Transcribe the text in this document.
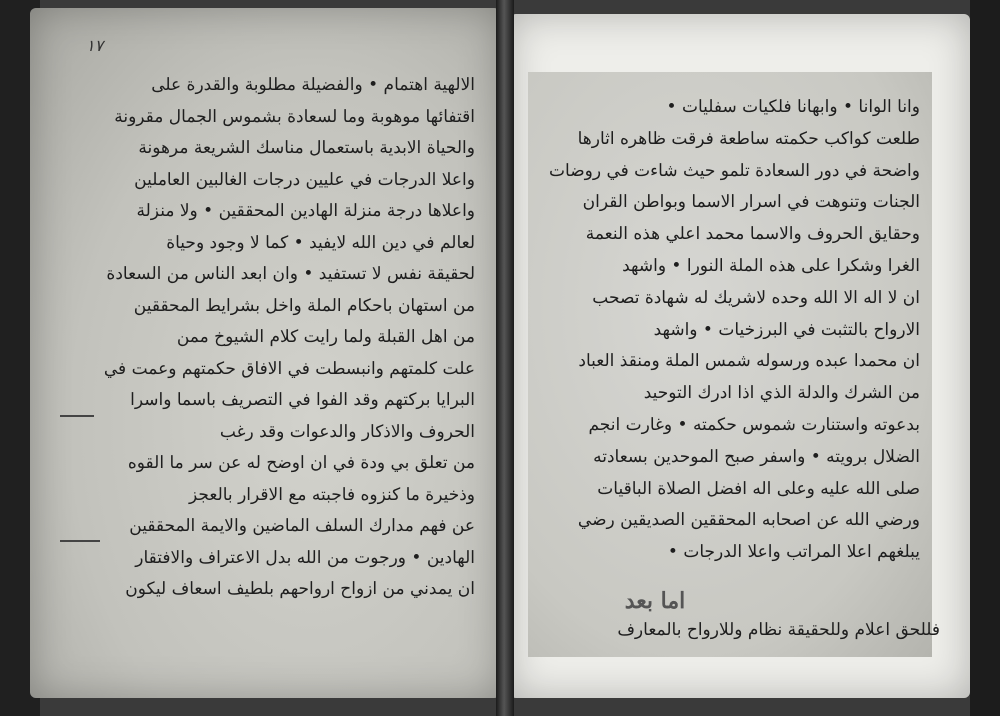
١٧
الالهية اهتمام • والفضيلة مطلوبة والقدرة على
اقتفائها موهوبة وما لسعادة بشموس الجمال مقرونة
والحياة الابدية باستعمال مناسك الشريعة مرهونة
واعلا الدرجات في عليين درجات الغالبين العاملين
واعلاها درجة منزلة الهادين المحققين • ولا منزلة
لعالم في دين الله لايفيد • كما لا وجود وحياة
لحقيقة نفس لا تستفيد • وان ابعد الناس من السعادة
من استهان باحكام الملة واخل بشرايط المحققين
من اهل القبلة ولما رايت كلام الشيوخ ممن
علت كلمتهم وانبسطت في الافاق حكمتهم وعمت في
البرايا بركتهم وقد الفوا في التصريف باسما واسرا
الحروف والاذكار والدعوات وقد رغب
من تعلق بي ودة في ان اوضح له عن سر ما القوه
وذخيرة ما كنزوه فاجبته مع الاقرار بالعجز
عن فهم مدارك السلف الماضين والايمة المحققين
الهادين • ورجوت من الله بدل الاعتراف والافتقار
ان يمدني من ازواح ارواحهم بلطيف اسعاف ليكون
وانا الوانا • وابهانا فلكيات سفليات •
طلعت كواكب حكمته ساطعة فرقت ظاهره اثارها
واضحة في دور السعادة تلمو حيث شاءت في روضات
الجنات وتنوهت في اسرار الاسما وبواطن القران
وحقايق الحروف والاسما محمد اعلي هذه النعمة
الغرا وشكرا على هذه الملة النورا • واشهد
ان لا اله الا الله وحده لاشريك له شهادة تصحب
الارواح بالتثبت في البرزخيات • واشهد
ان محمدا عبده ورسوله شمس الملة ومنقذ العباد
من الشرك والدلة الذي اذا ادرك التوحيد
بدعوته واستنارت شموس حكمته • وغارت انجم
الضلال برويته • واسفر صبح الموحدين بسعادته
صلى الله عليه وعلى اله افضل الصلاة الباقيات
ورضي الله عن اصحابه المحققين الصديقين رضي
يبلغهم اعلا المراتب واعلا الدرجات •
اما بعد
فللحق اعلام وللحقيقة نظام وللارواح بالمعارف
